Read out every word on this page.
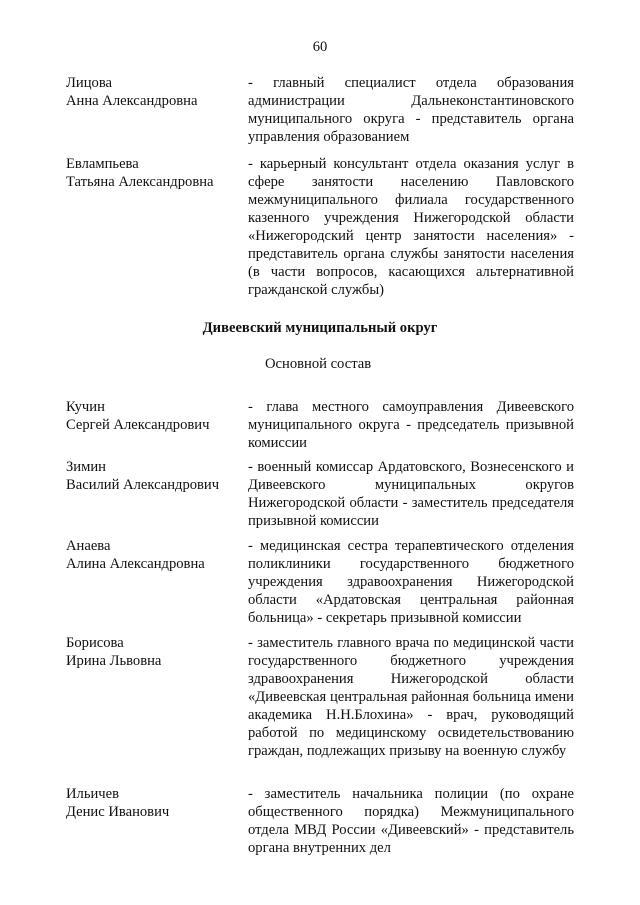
60
Лицова
Анна Александровна
- главный специалист отдела образования администрации Дальнеконстантиновского муниципального округа - представитель органа управления образованием
Евлампьева
Татьяна Александровна
- карьерный консультант отдела оказания услуг в сфере занятости населению Павловского межмуниципального филиала государственного казенного учреждения Нижегородской области «Нижегородский центр занятости населения» - представитель органа службы занятости населения (в части вопросов, касающихся альтернативной гражданской службы)
Дивеевский муниципальный округ
Основной состав
Кучин
Сергей Александрович
- глава местного самоуправления Дивеевского муниципального округа - председатель призывной комиссии
Зимин
Василий Александрович
- военный комиссар Ардатовского, Вознесенского и Дивеевского муниципальных округов Нижегородской области - заместитель председателя призывной комиссии
Анаева
Алина Александровна
- медицинская сестра терапевтического отделения поликлиники государственного бюджетного учреждения здравоохранения Нижегородской области «Ардатовская центральная районная больница» - секретарь призывной комиссии
Борисова
Ирина Львовна
- заместитель главного врача по медицинской части государственного бюджетного учреждения здравоохранения Нижегородской области «Дивеевская центральная районная больница имени академика Н.Н.Блохина» - врач, руководящий работой по медицинскому освидетельствованию граждан, подлежащих призыву на военную службу
Ильичев
Денис Иванович
- заместитель начальника полиции (по охране общественного порядка) Межмуниципального отдела МВД России «Дивеевский» - представитель органа внутренних дел
